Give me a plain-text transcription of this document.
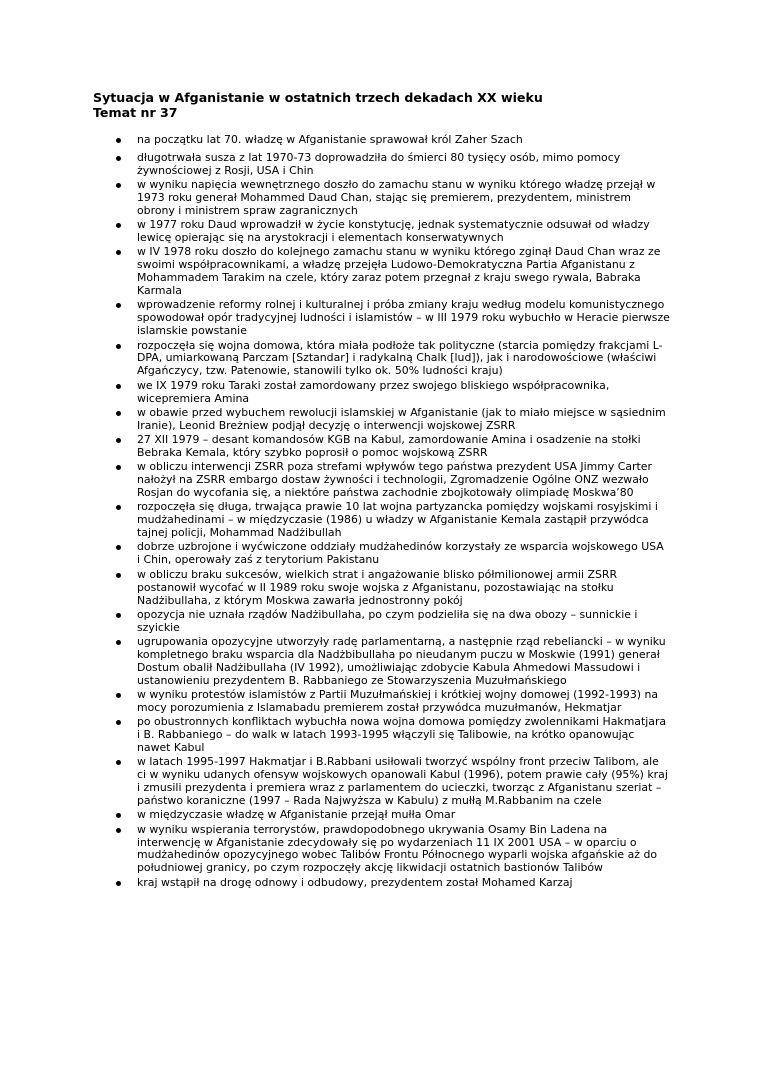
Sytuacja w Afganistanie w ostatnich trzech dekadach XX wieku
Temat nr 37
na początku lat 70. władzę w Afganistanie sprawował król Zaher Szach
długotrwała susza z lat 1970-73 doprowadziła do śmierci 80 tysięcy osób, mimo pomocy żywnościowej z Rosji, USA i Chin
w wyniku napięcia wewnętrznego doszło do zamachu stanu w wyniku którego władzę przejął w 1973 roku generał Mohammed Daud Chan, stając się premierem, prezydentem, ministrem obrony i ministrem spraw zagranicznych
w 1977 roku Daud wprowadził w życie konstytucję, jednak systematycznie odsuwał od władzy lewicę opierając się na arystokracji i elementach konserwatywnych
w IV 1978 roku doszło do kolejnego zamachu stanu w wyniku którego zginął Daud Chan wraz ze swoimi współpracownikami, a władzę przejęła Ludowo-Demokratyczna Partia Afganistanu z Mohammadem Tarakim na czele, który zaraz potem przegnał z kraju swego rywala, Babraka Karmala
wprowadzenie reformy rolnej i kulturalnej i próba zmiany kraju według modelu komunistycznego spowodował opór tradycyjnej ludności i islamistów – w III 1979 roku wybuchło w Heracie pierwsze islamskie powstanie
rozpoczęła się wojna domowa, która miała podłoże tak polityczne (starcia pomiędzy frakcjami L-DPA, umiarkowaną Parczam [Sztandar] i radykalną Chalk [lud]), jak i narodowościowe (właściwi Afgańczycy, tzw. Patenowie, stanowili tylko ok. 50% ludności kraju)
we IX 1979 roku Taraki został zamordowany przez swojego bliskiego współpracownika, wicepremiera Amina
w obawie przed wybuchem rewolucji islamskiej w Afganistanie (jak to miało miejsce w sąsiednim Iranie), Leonid Breżniew podjął decyzję o interwencji wojskowej ZSRR
27 XII 1979 – desant komandosów KGB na Kabul, zamordowanie Amina i osadzenie na stołki Bebraka Kemala, który szybko poprosił o pomoc wojskową ZSRR
w obliczu interwencji ZSRR poza strefami wpływów tego państwa prezydent USA Jimmy Carter nałożył na ZSRR embargo dostaw żywności i technologii, Zgromadzenie Ogólne ONZ wezwało Rosjan do wycofania się, a niektóre państwa zachodnie zbojkotowały olimpiadę Moskwa’80
rozpoczęła się długa, trwająca prawie 10 lat wojna partyzancka pomiędzy wojskami rosyjskimi i mudżahedinami – w międzyczasie (1986) u władzy w Afganistanie Kemala zastąpił przywódca tajnej policji, Mohammad Nadżibullah
dobrze uzbrojone i wyćwiczone oddziały mudżahedinów korzystały ze wsparcia wojskowego USA i Chin, operowały zaś z terytorium Pakistanu
w obliczu braku sukcesów, wielkich strat i angażowanie blisko półmilionowej armii ZSRR postanowił wycofać w II 1989 roku swoje wojska z Afganistanu, pozostawiając na stołku Nadżibullaha, z którym Moskwa zawarła jednostronny pokój
opozycja nie uznała rządów Nadżibullaha, po czym podzieliła się na dwa obozy – sunnickie i szyickie
ugrupowania opozycyjne utworzyły radę parlamentarną, a następnie rząd rebeliancki – w wyniku kompletnego braku wsparcia dla Nadżbibullaha po nieudanym puczu w Moskwie (1991) generał Dostum obalił Nadżibullaha (IV 1992), umożliwiając zdobycie Kabula Ahmedowi Massudowi i ustanowieniu prezydentem B. Rabbaniego ze Stowarzyszenia Muzułmańskiego
w wyniku protestów islamistów z Partii Muzułmańskiej i krótkiej wojny domowej (1992-1993) na mocy porozumienia z Islamabadu premierem został przywódca muzułmanów, Hekmatjar
po obustronnych konfliktach wybuchła nowa wojna domowa pomiędzy zwolennikami Hakmatjara i B. Rabbaniego – do walk w latach 1993-1995 włączyli się Talibowie, na krótko opanowując nawet Kabul
w latach 1995-1997 Hakmatjar i B.Rabbani usiłowali tworzyć wspólny front przeciw Talibom, ale ci w wyniku udanych ofensyw wojskowych opanowali Kabul (1996), potem prawie cały (95%) kraj i zmusili prezydenta i premiera wraz z parlamentem do ucieczki, tworząc z Afganistanu szeriat – państwo koraniczne (1997 – Rada Najwyższa w Kabulu) z mułłą M.Rabbanim na czele
w międzyczasie władzę w Afganistanie przejął mułła Omar
w wyniku wspierania terrorystów, prawdopodobnego ukrywania Osamy Bin Ladena na interwencję w Afganistanie zdecydowały się po wydarzeniach 11 IX 2001 USA – w oparciu o mudżahedinów opozycyjnego wobec Talibów Frontu Północnego wyparli wojska afgańskie aż do południowej granicy, po czym rozpoczęły akcję likwidacji ostatnich bastionów Talibów
kraj wstąpił na drogę odnowy i odbudowy, prezydentem został Mohamed Karzaj
